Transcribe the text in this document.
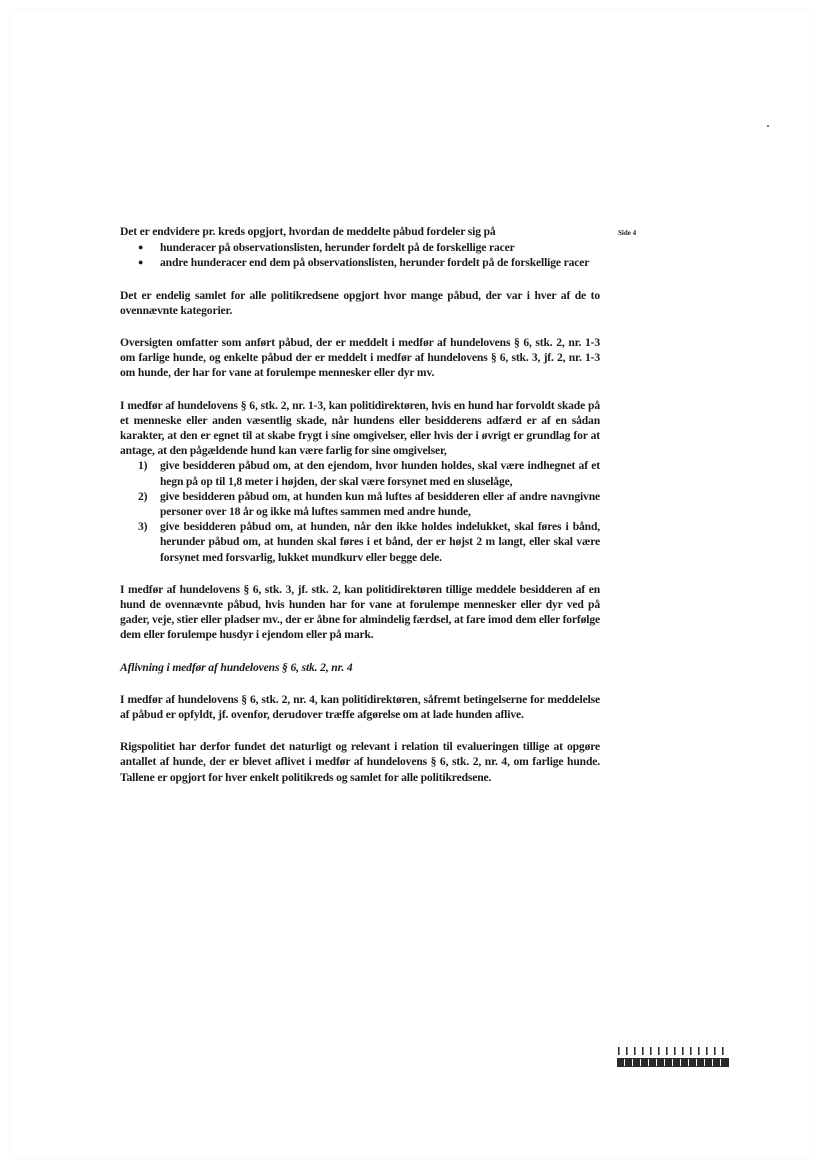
Side 4

Det er endvidere pr. kreds opgjort, hvordan de meddelte påbud fordeler sig på

● hunderacer på observationslisten, herunder fordelt på de forskellige racer
● andre hunderacer end dem på observationslisten, herunder fordelt på de forskellige racer

Det er endelig samlet for alle politikredsene opgjort hvor mange påbud, der var i hver af de to ovennævnte kategorier.

Oversigten omfatter som anført påbud, der er meddelt i medfør af hundelovens § 6, stk. 2, nr. 1-3 om farlige hunde, og enkelte påbud der er meddelt i medfør af hundelovens § 6, stk. 3, jf. 2, nr. 1-3 om hunde, der har for vane at forulempe mennesker eller dyr mv.

I medfør af hundelovens § 6, stk. 2, nr. 1-3, kan politidirektøren, hvis en hund har forvoldt skade på et menneske eller anden væsentlig skade, når hundens eller besidderens adfærd er af en sådan karakter, at den er egnet til at skabe frygt i sine omgivelser, eller hvis der i øvrigt er grundlag for at antage, at den pågældende hund kan være farlig for sine omgivelser,

1) give besidderen påbud om, at den ejendom, hvor hunden holdes, skal være indhegnet af et hegn på op til 1,8 meter i højden, der skal være forsynet med en sluselåge,
2) give besidderen påbud om, at hunden kun må luftes af besidderen eller af andre navngivne personer over 18 år og ikke må luftes sammen med andre hunde,
3) give besidderen påbud om, at hunden, når den ikke holdes indelukket, skal føres i bånd, herunder påbud om, at hunden skal føres i et bånd, der er højst 2 m langt, eller skal være forsynet med forsvarlig, lukket mundkurv eller begge dele.

I medfør af hundelovens § 6, stk. 3, jf. stk. 2, kan politidirektøren tillige meddele besidderen af en hund de ovennævnte påbud, hvis hunden har for vane at forulempe mennesker eller dyr ved på gader, veje, stier eller pladser mv., der er åbne for almindelig færdsel, at fare imod dem eller forfølge dem eller forulempe husdyr i ejendom eller på mark.

Aflivning i medfør af hundelovens § 6, stk. 2, nr. 4

I medfør af hundelovens § 6, stk. 2, nr. 4, kan politidirektøren, såfremt betingelserne for meddelelse af påbud er opfyldt, jf. ovenfor, derudover træffe afgørelse om at lade hunden aflive.

Rigspolitiet har derfor fundet det naturligt og relevant i relation til evalueringen tillige at opgøre antallet af hunde, der er blevet aflivet i medfør af hundelovens § 6, stk. 2, nr. 4, om farlige hunde. Tallene er opgjort for hver enkelt politikreds og samlet for alle politikredsene.
